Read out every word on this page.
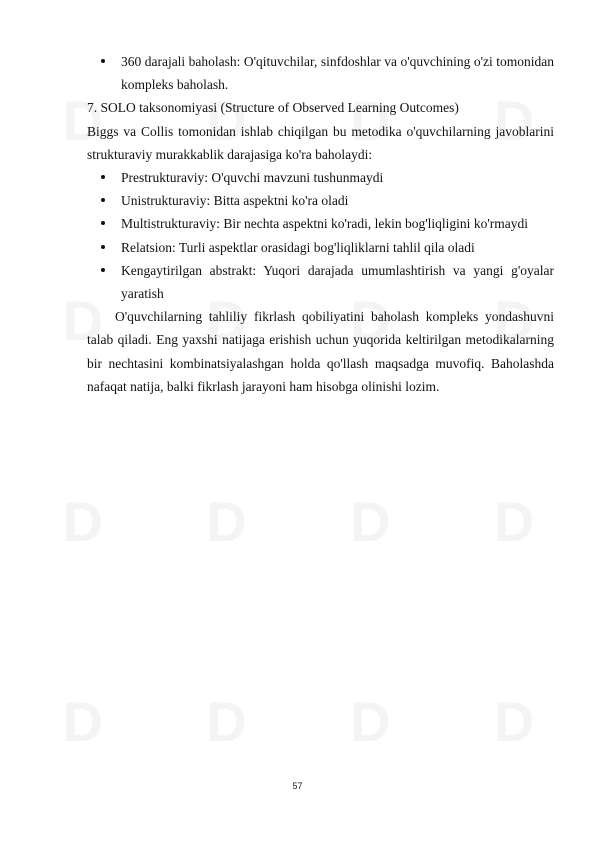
360 darajali baholash: O'qituvchilar, sinfdoshlar va o'quvchining o'zi tomonidan kompleks baholash.

7. SOLO taksonomiyasi (Structure of Observed Learning Outcomes)

Biggs va Collis tomonidan ishlab chiqilgan bu metodika o'quvchilarning javoblarini strukturaviy murakkablik darajasiga ko'ra baholaydi:

Prestrukturaviy: O'quvchi mavzuni tushunmaydi
Unistrukturaviy: Bitta aspektni ko'ra oladi
Multistrukturaviy: Bir nechta aspektni ko'radi, lekin bog'liqligini ko'rmaydi
Relatsion: Turli aspektlar orasidagi bog'liqliklarni tahlil qila oladi
Kengaytirilgan abstrakt: Yuqori darajada umumlashtirish va yangi g'oyalar yaratish

O'quvchilarning tahliliy fikrlash qobiliyatini baholash kompleks yondashuvni talab qiladi. Eng yaxshi natijaga erishish uchun yuqorida keltirilgan metodikalarning bir nechtasini kombinatsiyalashgan holda qo'llash maqsadga muvofiq. Baholashda nafaqat natija, balki fikrlash jarayoni ham hisobga olinishi lozim.

57
